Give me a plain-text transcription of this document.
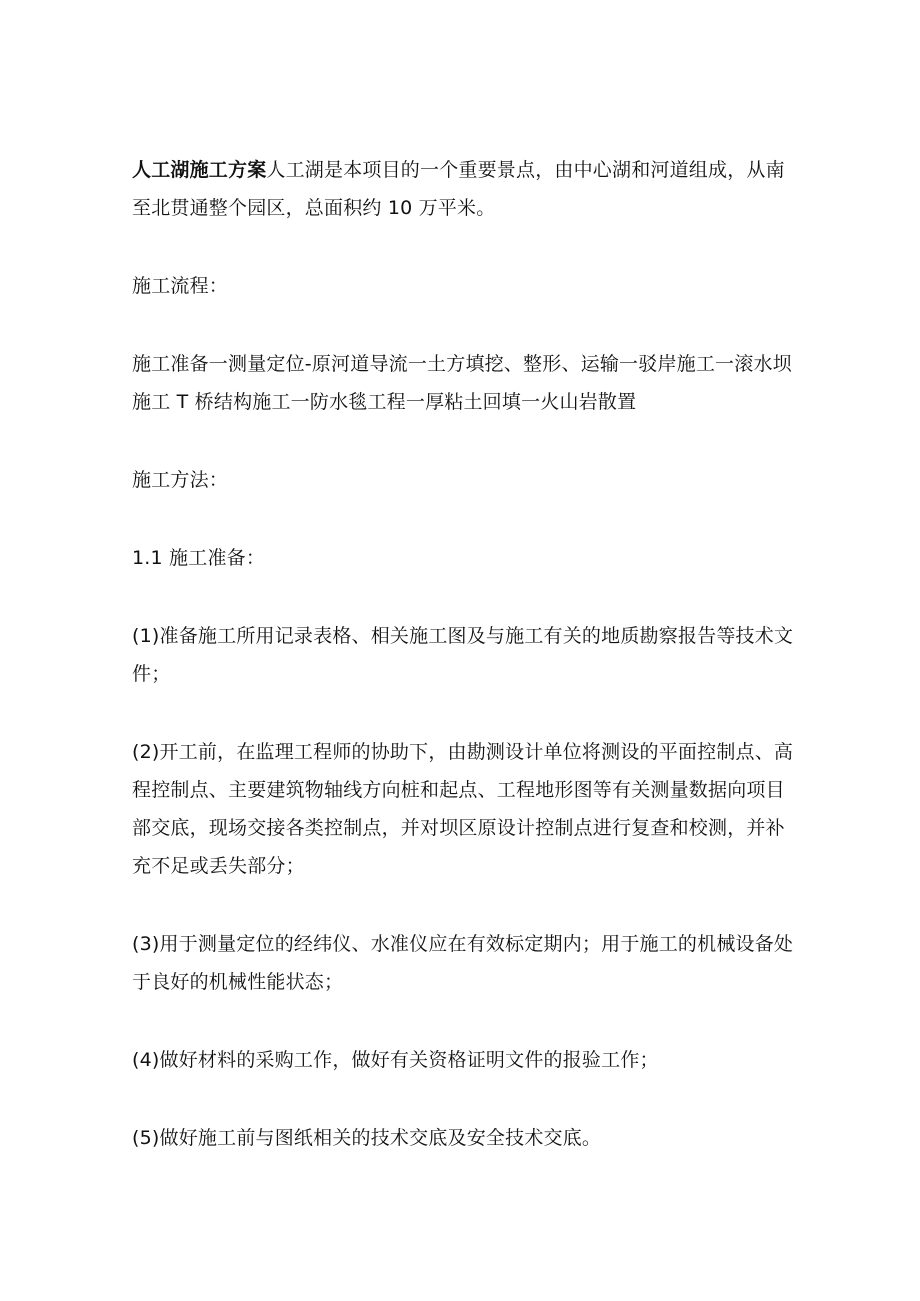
人工湖施工方案人工湖是本项目的一个重要景点，由中心湖和河道组成，从南至北贯通整个园区，总面积约 10 万平米。

施工流程：

施工准备一测量定位-原河道导流一土方填挖、整形、运输一驳岸施工一滚水坝施工 T 桥结构施工一防水毯工程一厚粘土回填一火山岩散置

施工方法：

1.1 施工准备：

(1)准备施工所用记录表格、相关施工图及与施工有关的地质勘察报告等技术文件；

(2)开工前，在监理工程师的协助下，由勘测设计单位将测设的平面控制点、高程控制点、主要建筑物轴线方向桩和起点、工程地形图等有关测量数据向项目部交底，现场交接各类控制点，并对坝区原设计控制点进行复查和校测，并补充不足或丢失部分；

(3)用于测量定位的经纬仪、水准仪应在有效标定期内；用于施工的机械设备处于良好的机械性能状态；

(4)做好材料的采购工作，做好有关资格证明文件的报验工作；

(5)做好施工前与图纸相关的技术交底及安全技术交底。
